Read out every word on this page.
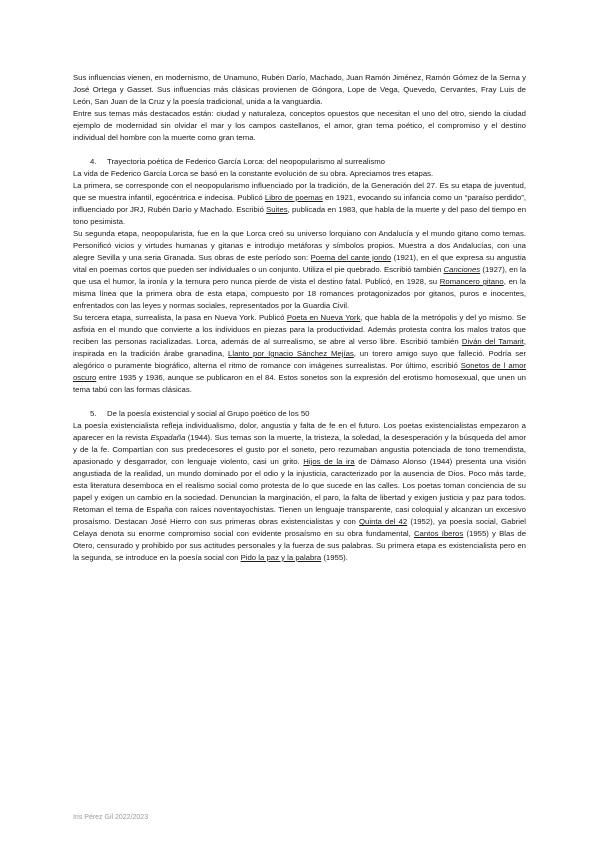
Sus influencias vienen, en modernismo, de Unamuno, Rubén Darío, Machado, Juan Ramón Jiménez, Ramón Gómez de la Serna y José Ortega y Gasset. Sus influencias más clásicas provienen de Góngora, Lope de Vega, Quevedo, Cervantes, Fray Luis de León, San Juan de la Cruz y la poesía tradicional, unida a la vanguardia.

Entre sus temas más destacados están: ciudad y naturaleza, conceptos opuestos que necesitan el uno del otro, siendo la ciudad ejemplo de modernidad sin olvidar el mar y los campos castellanos, el amor, gran tema poético, el compromiso y el destino individual del hombre con la muerte como gran tema.

4. Trayectoria poética de Federico García Lorca: del neopopularismo al surrealismo

La vida de Federico García Lorca se basó en la constante evolución de su obra. Apreciamos tres etapas.

La primera, se corresponde con el neopopularismo influenciado por la tradición, de la Generación del 27. Es su etapa de juventud, que se muestra infantil, egocéntrica e indecisa. Publicó Libro de poemas en 1921, evocando su infancia como un “paraíso perdido”, influenciado por JRJ, Rubén Darío y Machado. Escribió Suites, publicada en 1983, que habla de la muerte y del paso del tiempo en tono pesimista.

Su segunda etapa, neopopularista, fue en la que Lorca creó su universo lorquiano con Andalucía y el mundo gitano como temas. Personificó vicios y virtudes humanas y gitanas e introdujo metáforas y símbolos propios. Muestra a dos Andalucías, con una alegre Sevilla y una seria Granada. Sus obras de este período son: Poema del cante jondo (1921), en el que expresa su angustia vital en poemas cortos que pueden ser individuales o un conjunto. Utiliza el pie quebrado. Escribió también Canciones (1927), en la que usa el humor, la ironía y la ternura pero nunca pierde de vista el destino fatal. Publicó, en 1928, su Romancero gitano, en la misma línea que la primera obra de esta etapa, compuesto por 18 romances protagonizados por gitanos, puros e inocentes, enfrentados con las leyes y normas sociales, representados por la Guardia Civil.

Su tercera etapa, surrealista, la pasa en Nueva York. Publicó Poeta en Nueva York, que habla de la metrópolis y del yo mismo. Se asfixia en el mundo que convierte a los individuos en piezas para la productividad. Además protesta contra los malos tratos que reciben las personas racializadas. Lorca, además de al surrealismo, se abre al verso libre. Escribió también Diván del Tamarit, inspirada en la tradición árabe granadina, Llanto por Ignacio Sánchez Mejías, un torero amigo suyo que falleció. Podría ser alegórico o puramente biográfico, alterna el ritmo de romance con imágenes surrealistas. Por último, escribió Sonetos de l amor oscuro entre 1935 y 1936, aunque se publicaron en el 84. Estos sonetos son la expresión del erotismo homosexual, que unen un tema tabú con las formas clásicas.

5. De la poesía existencial y social al Grupo poético de los 50

La poesía existencialista refleja individualismo, dolor, angustia y falta de fe en el futuro. Los poetas existencialistas empezaron a aparecer en la revista Espadaña (1944). Sus temas son la muerte, la tristeza, la soledad, la desesperación y la búsqueda del amor y de la fe. Compartían con sus predecesores el gusto por el soneto, pero rezumaban angustia potenciada de tono tremendista, apasionado y desgarrador, con lenguaje violento, casi un grito. Hijos de la ira de Dámaso Alonso (1944) presenta una visión angustiada de la realidad, un mundo dominado por el odio y la injusticia, caracterizado por la ausencia de Dios. Poco más tarde, esta literatura desemboca en el realismo social como protesta de lo que sucede en las calles. Los poetas toman conciencia de su papel y exigen un cambio en la sociedad. Denuncian la marginación, el paro, la falta de libertad y exigen justicia y paz para todos. Retoman el tema de España con raíces noventayochistas. Tienen un lenguaje transparente, casi coloquial y alcanzan un excesivo prosaísmo. Destacan José Hierro con sus primeras obras existencialistas y con Quinta del 42 (1952), ya poesía social, Gabriel Celaya denota su enorme compromiso social con evidente prosaísmo en su obra fundamental, Cantos íberos (1955) y Blas de Otero, censurado y prohibido por sus actitudes personales y la fuerza de sus palabras. Su primera etapa es existencialista pero en la segunda, se introduce en la poesía social con Pido la paz y la palabra (1955).

Iris Pérez Gil 2022/2023
